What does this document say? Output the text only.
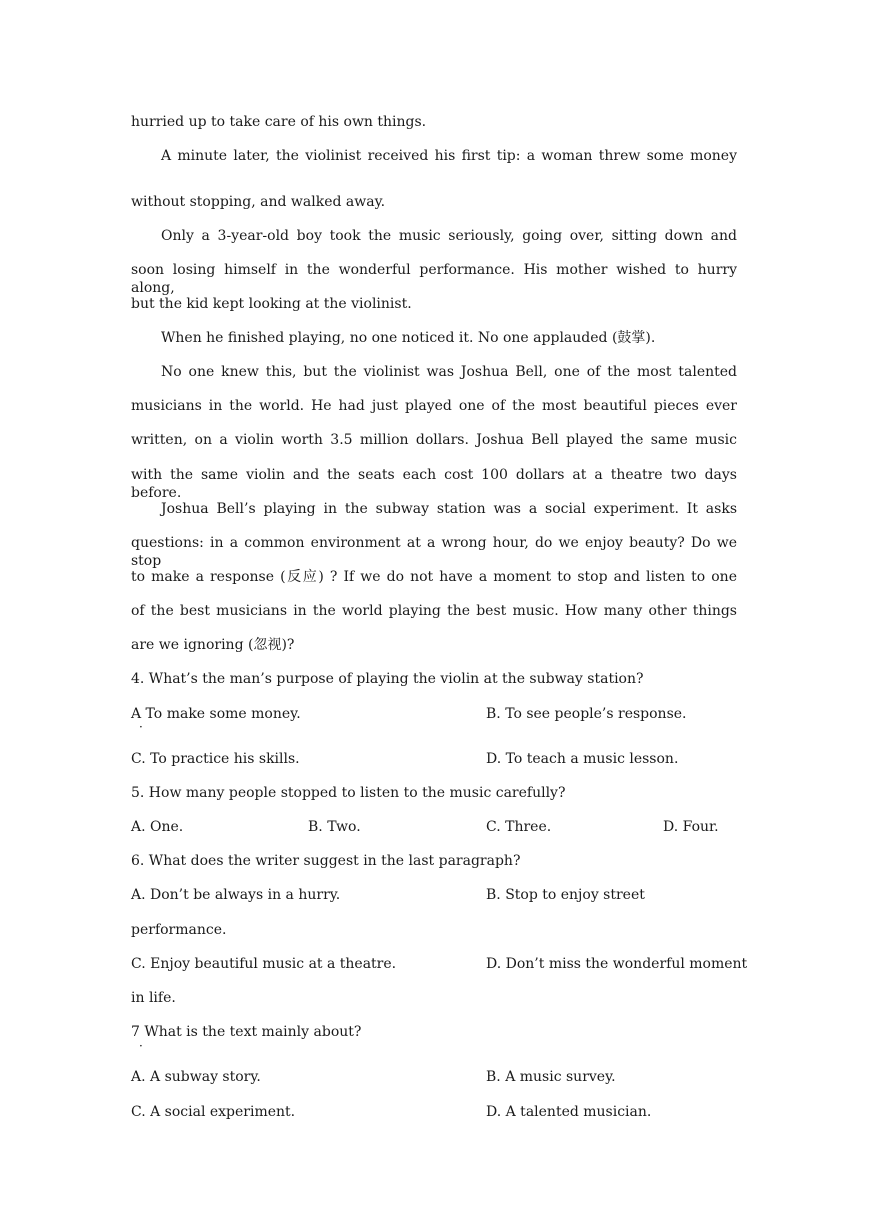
hurried up to take care of his own things.
A minute later, the violinist received his first tip: a woman threw some money
without stopping, and walked away.
Only a 3-year-old boy took the music seriously, going over, sitting down and
soon losing himself in the wonderful performance. His mother wished to hurry along,
but the kid kept looking at the violinist.
When he finished playing, no one noticed it. No one applauded (鼓掌).
No one knew this, but the violinist was Joshua Bell, one of the most talented
musicians in the world. He had just played one of the most beautiful pieces ever
written, on a violin worth 3.5 million dollars. Joshua Bell played the same music
with the same violin and the seats each cost 100 dollars at a theatre two days before.
Joshua Bell’s playing in the subway station was a social experiment. It asks
questions: in a common environment at a wrong hour, do we enjoy beauty? Do we stop
to make a response (反应) ? If we do not have a moment to stop and listen to one
of the best musicians in the world playing the best music. How many other things
are we ignoring (忽视)?
4. What’s the man’s purpose of playing the violin at the subway station?
A To make some money.
·
B. To see people’s response.
C. To practice his skills.	D. To teach a music lesson.
5. How many people stopped to listen to the music carefully?
A. One.	B. Two.	C. Three.	D. Four.
6. What does the writer suggest in the last paragraph?
A. Don’t be always in a hurry.	B. Stop to enjoy street
performance.
C. Enjoy beautiful music at a theatre.	D. Don’t miss the wonderful moment
in life.
7 What is the text mainly about?
·
A. A subway story.	B. A music survey.
C. A social experiment.	D. A talented musician.
